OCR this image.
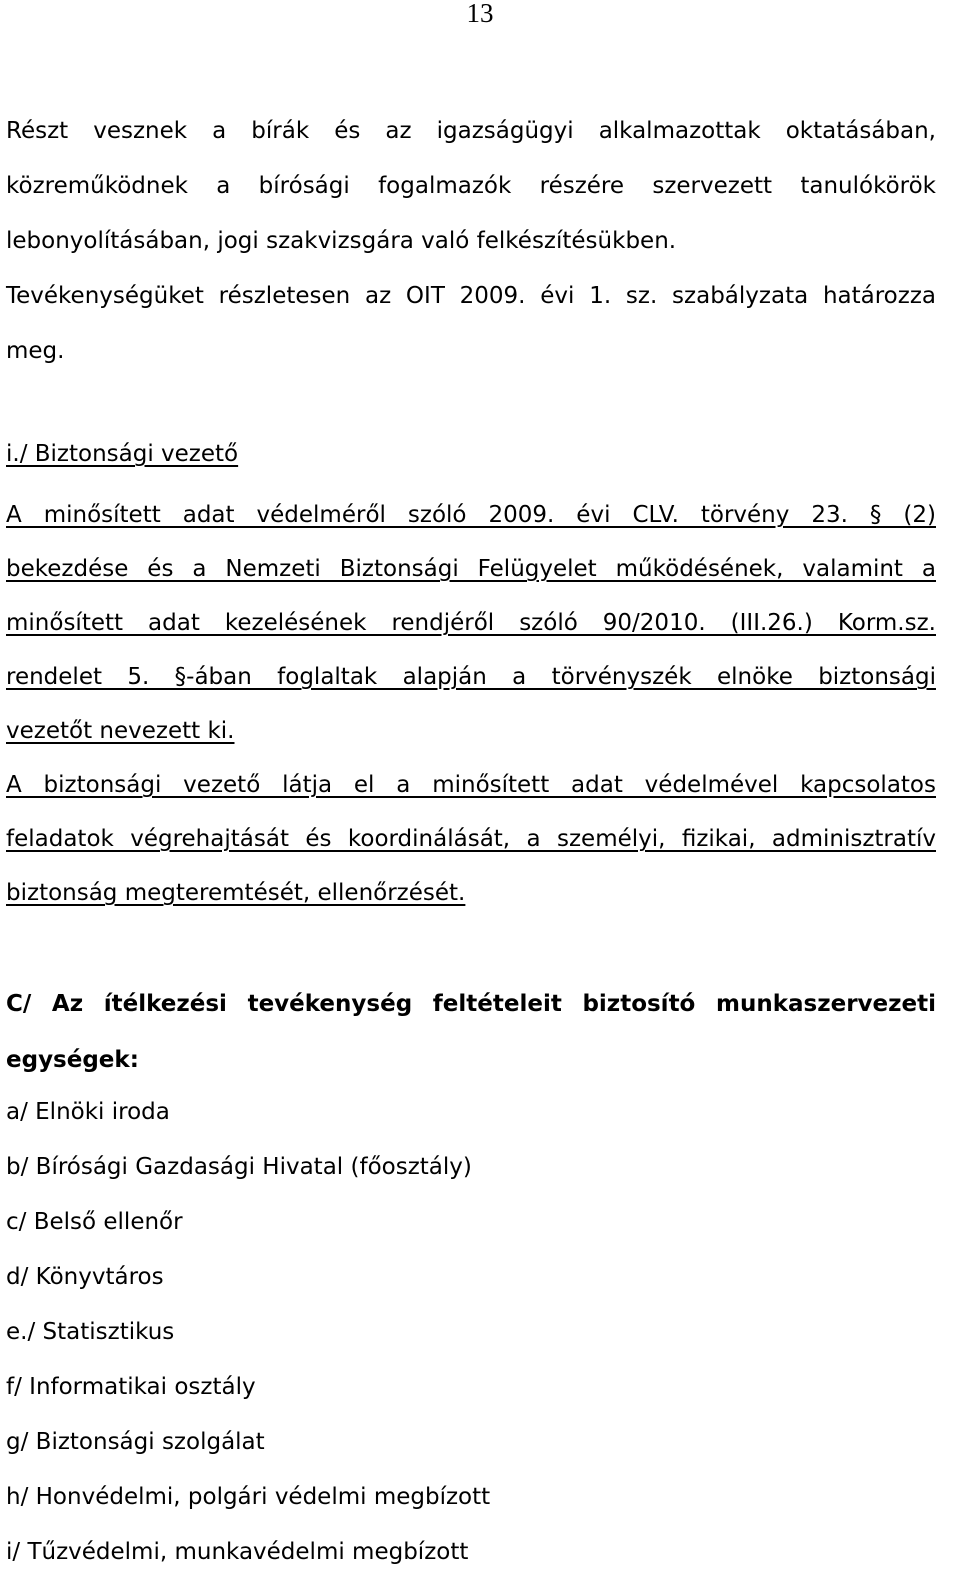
13
Részt vesznek a bírák és az igazságügyi alkalmazottak oktatásában,
közreműködnek a bírósági fogalmazók részére szervezett tanulókörök
lebonyolításában, jogi szakvizsgára való felkészítésükben.
Tevékenységüket részletesen az OIT 2009. évi 1. sz. szabályzata határozza
meg.
i./ Biztonsági vezető
A minősített adat védelméről szóló 2009. évi CLV. törvény 23. § (2)
bekezdése és a Nemzeti Biztonsági Felügyelet működésének, valamint a
minősített adat kezelésének rendjéről szóló 90/2010. (III.26.) Korm.sz.
rendelet 5. §-ában foglaltak alapján a törvényszék elnöke biztonsági
vezetőt nevezett ki.
A biztonsági vezető látja el a minősített adat védelmével kapcsolatos
feladatok végrehajtását és koordinálását, a személyi, fizikai, adminisztratív
biztonság megteremtését, ellenőrzését.
C/ Az ítélkezési tevékenység feltételeit biztosító munkaszervezeti
egységek:
a/ Elnöki iroda
b/ Bírósági Gazdasági Hivatal (főosztály)
c/ Belső ellenőr
d/ Könyvtáros
e./ Statisztikus
f/ Informatikai osztály
g/ Biztonsági szolgálat
h/ Honvédelmi, polgári védelmi megbízott
i/ Tűzvédelmi, munkavédelmi megbízott
